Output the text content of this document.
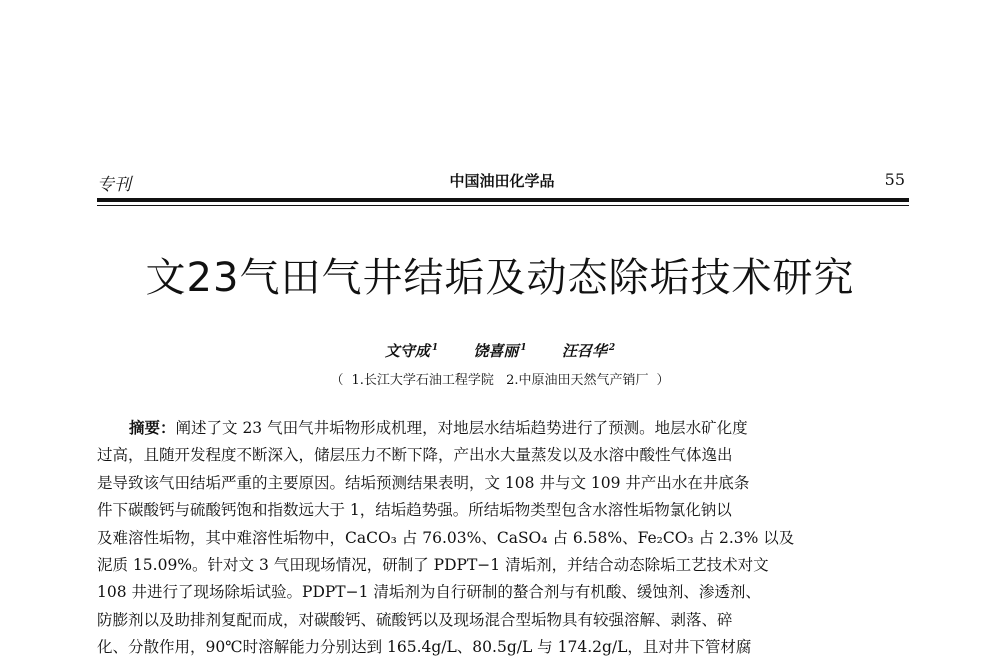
专刊	中国油田化学品	55
文23气田气井结垢及动态除垢技术研究
文守成 $^1$ 饶喜丽 $^1$ 汪召华 $^2$
（ 1.长江大学石油工程学院 2.中原油田天然气产销厂 ）
摘要：阐述了文 23 气田气井垢物形成机理，对地层水结垢趋势进行了预测。地层水矿化度
过高，且随开发程度不断深入，储层压力不断下降，产出水大量蒸发以及水溶中酸性气体逸出
是导致该气田结垢严重的主要原因。结垢预测结果表明，文 108 井与文 109 井产出水在井底条
件下碳酸钙与硫酸钙饱和指数远大于 1，结垢趋势强。所结垢物类型包含水溶性垢物氯化钠以
及难溶性垢物，其中难溶性垢物中，CaCO₃ 占 76.03%、CaSO₄ 占 6.58%、Fe₂CO₃ 占 2.3% 以及
泥质 15.09%。针对文 3 气田现场情况，研制了 PDPT−1 清垢剂，并结合动态除垢工艺技术对文
108 井进行了现场除垢试验。PDPT−1 清垢剂为自行研制的螯合剂与有机酸、缓蚀剂、渗透剂、
防膨剂以及助排剂复配而成，对碳酸钙、硫酸钙以及现场混合型垢物具有较强溶解、剥落、碎
化、分散作用，90℃时溶解能力分别达到 165.4g/L、80.5g/L 与 174.2g/L，且对井下管材腐
